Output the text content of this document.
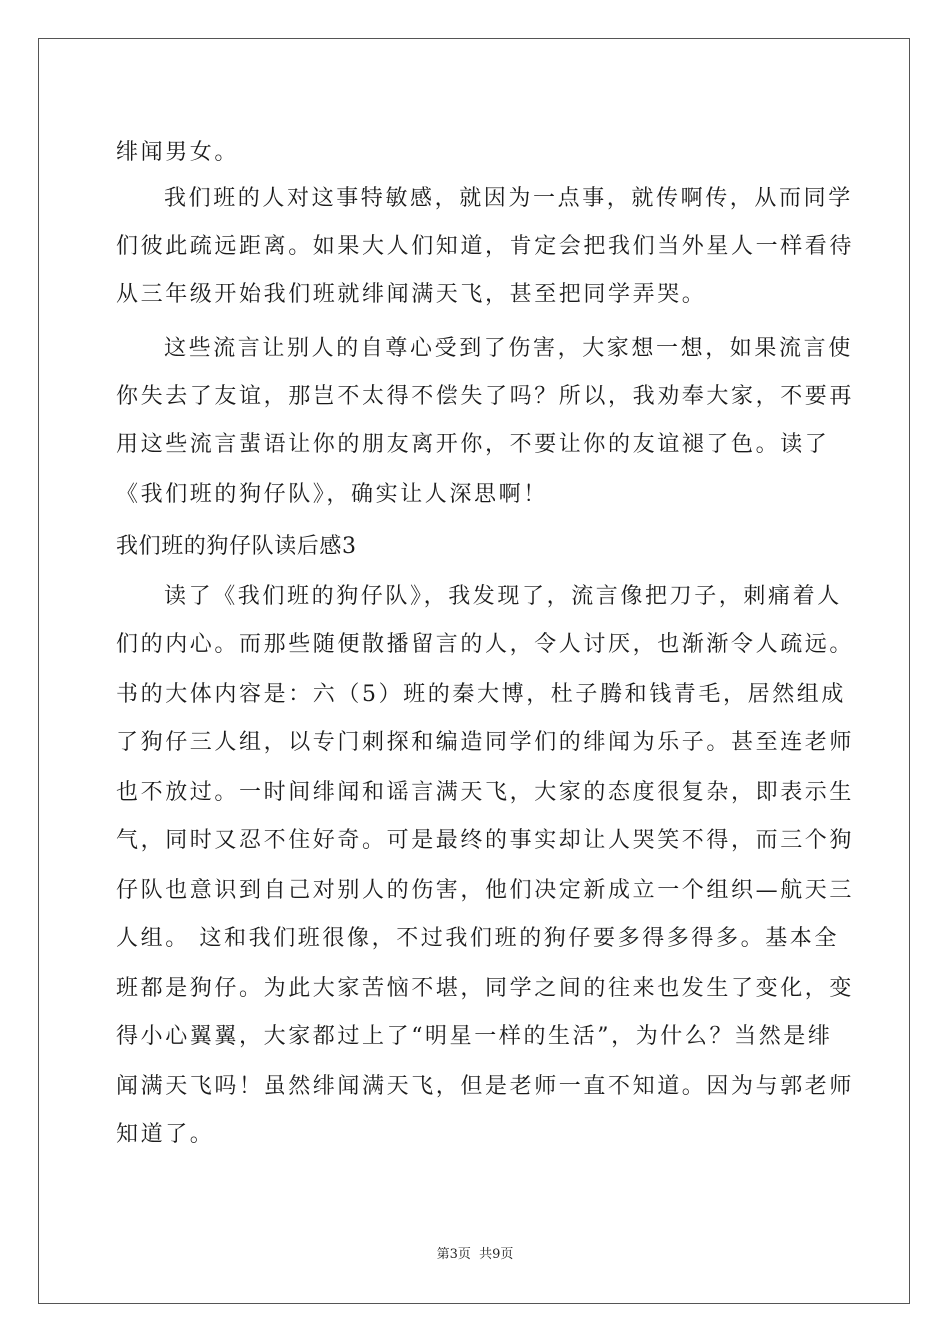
绯闻男女。
我们班的人对这事特敏感，就因为一点事，就传啊传，从而同学
们彼此疏远距离。如果大人们知道，肯定会把我们当外星人一样看待
从三年级开始我们班就绯闻满天飞，甚至把同学弄哭。
这些流言让别人的自尊心受到了伤害，大家想一想，如果流言使
你失去了友谊，那岂不太得不偿失了吗？所以，我劝奉大家，不要再
用这些流言蜚语让你的朋友离开你，不要让你的友谊褪了色。读了
《我们班的狗仔队》，确实让人深思啊！
我们班的狗仔队读后感3
读了《我们班的狗仔队》，我发现了，流言像把刀子，刺痛着人
们的内心。而那些随便散播留言的人，令人讨厌，也渐渐令人疏远。
书的大体内容是：六（5）班的秦大博，杜子腾和钱青毛，居然组成
了狗仔三人组，以专门刺探和编造同学们的绯闻为乐子。甚至连老师
也不放过。一时间绯闻和谣言满天飞，大家的态度很复杂，即表示生
气，同时又忍不住好奇。可是最终的事实却让人哭笑不得，而三个狗
仔队也意识到自己对别人的伤害，他们决定新成立一个组织—航天三
人组。 这和我们班很像，不过我们班的狗仔要多得多得多。基本全
班都是狗仔。为此大家苦恼不堪，同学之间的往来也发生了变化，变
得小心翼翼，大家都过上了“明星一样的生活”，为什么？当然是绯
闻满天飞吗！虽然绯闻满天飞，但是老师一直不知道。因为与郭老师
知道了。
第3页 共9页
